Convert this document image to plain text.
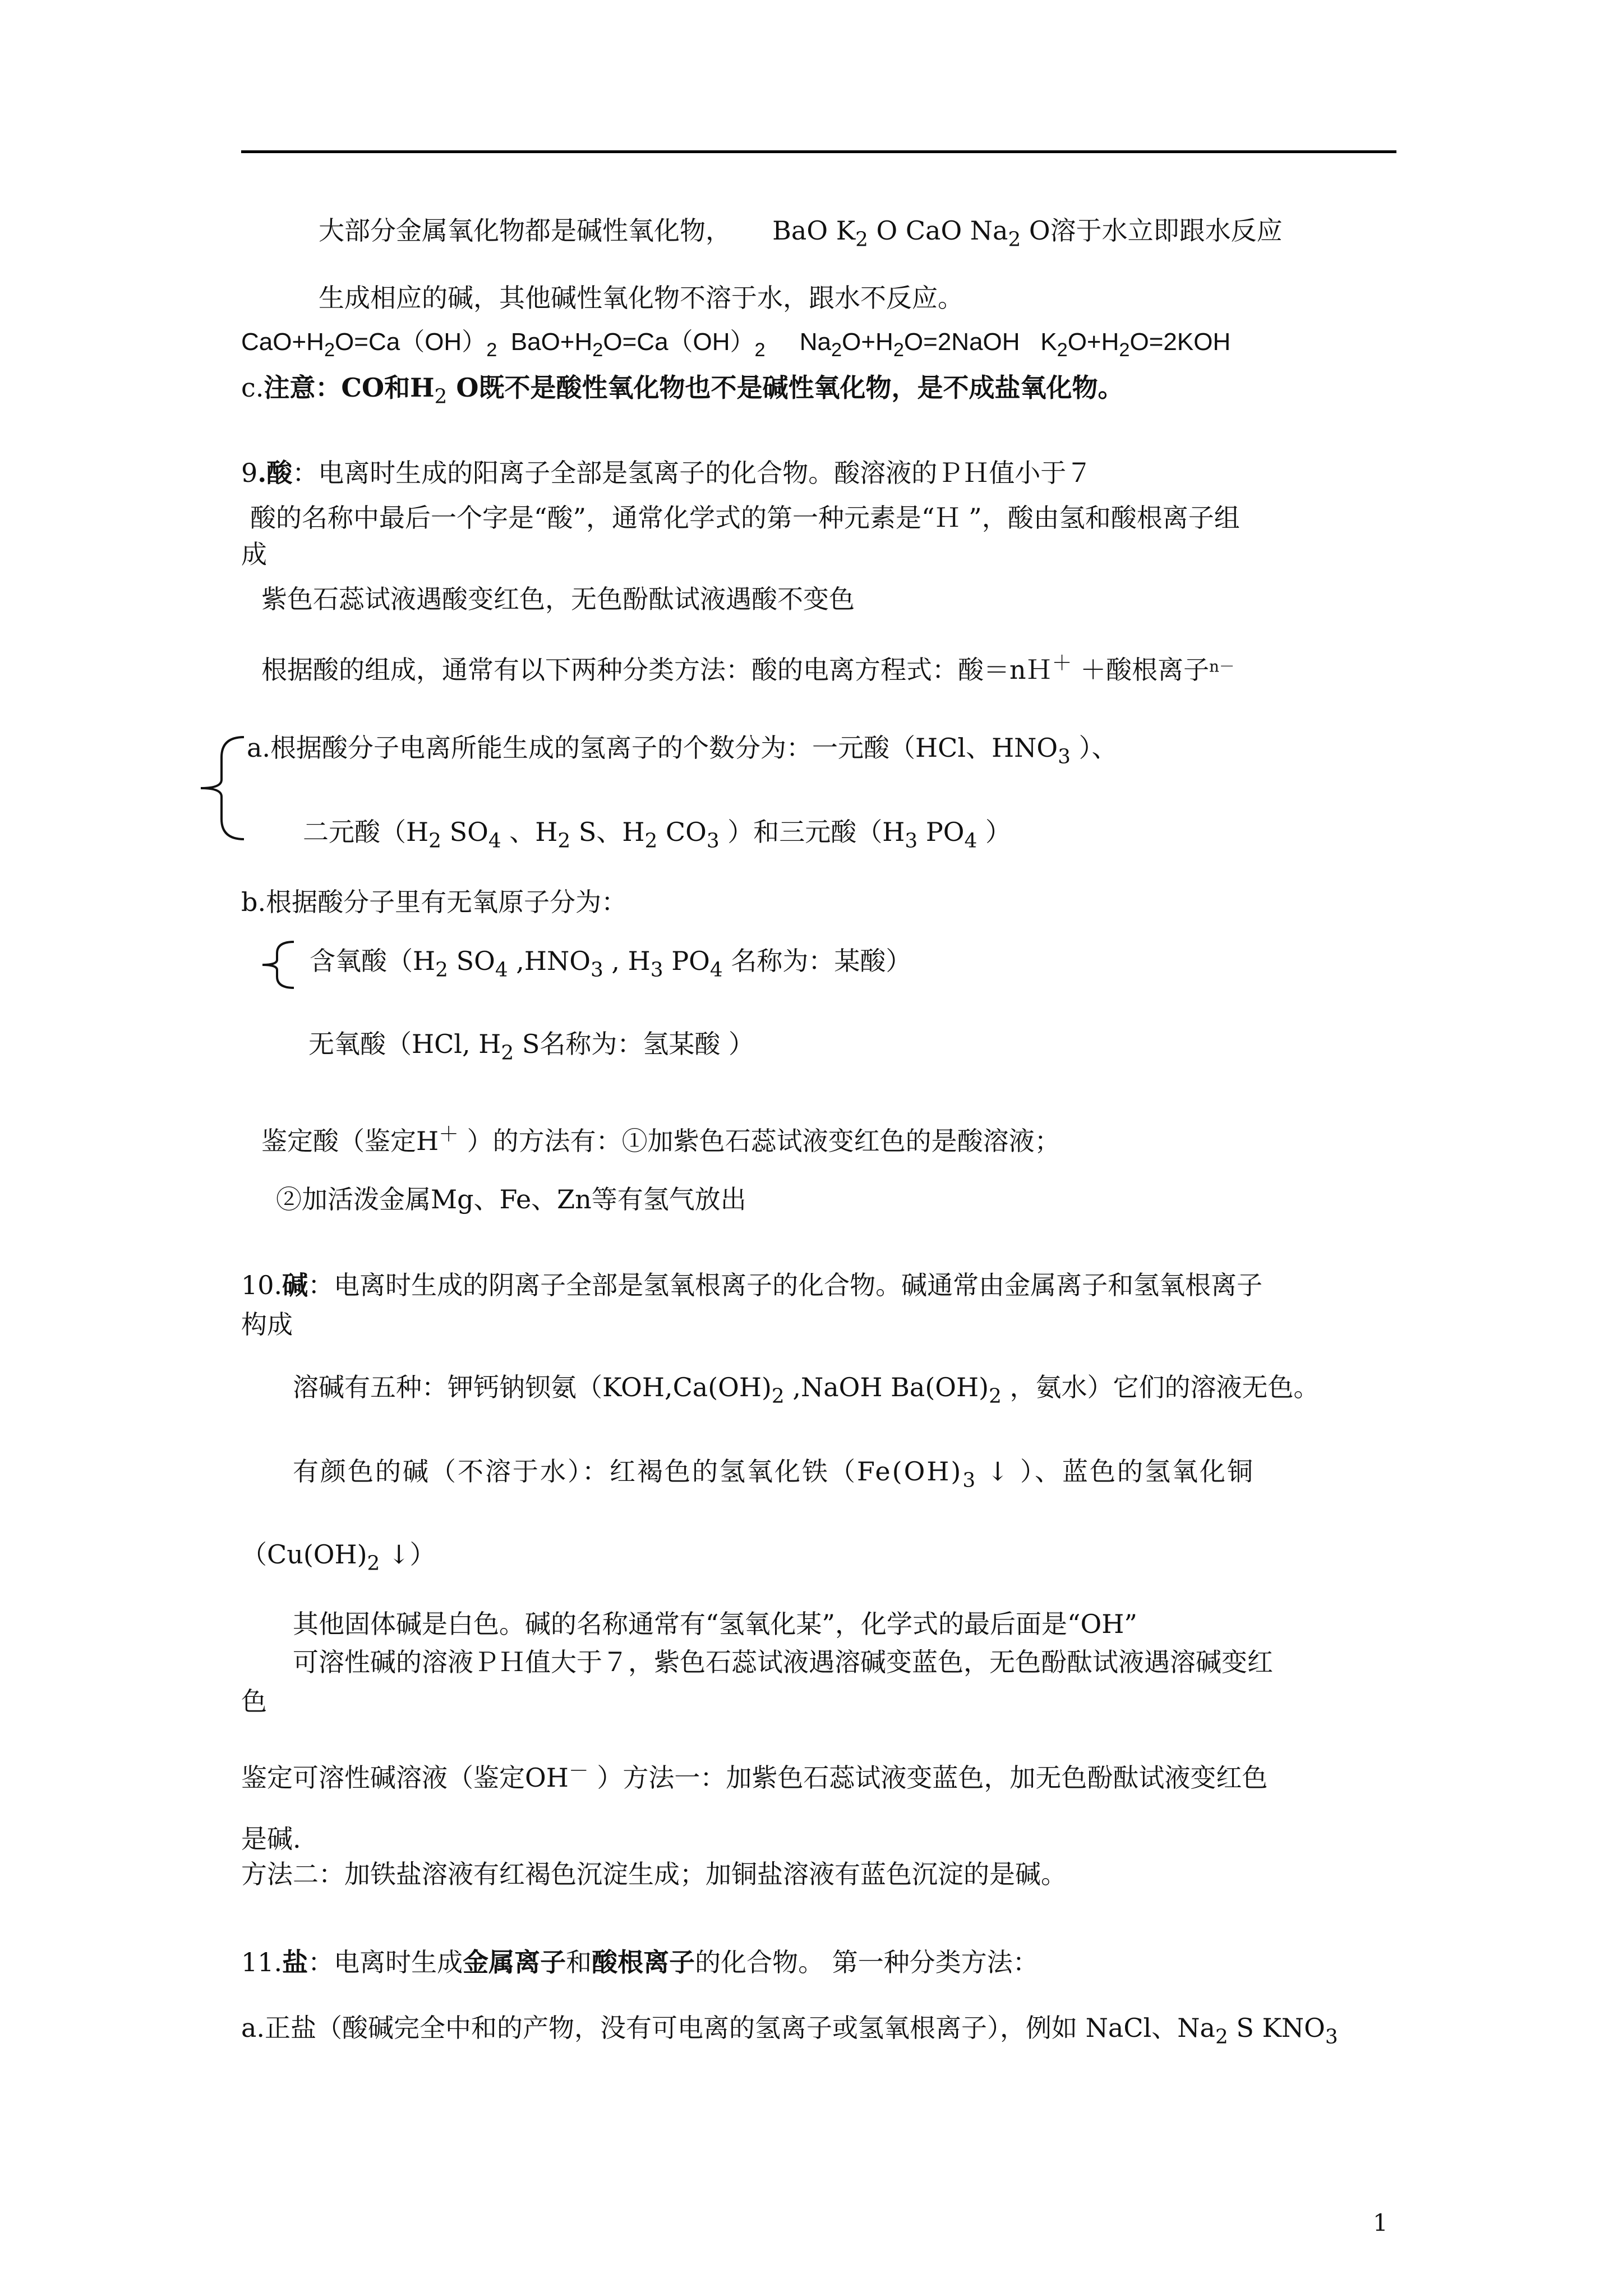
大部分金属氧化物都是碱性氧化物， BaO $K_2$ O CaO $Na_2$ O溶于水立即跟水反应
生成相应的碱，其他碱性氧化物不溶于水，跟水不反应。
$CaO+H_2O=Ca(OH)_2$ $BaO+H_2O=Ca(OH)_2$ $Na_2O+H_2O=2NaOH$ $K_2O+H_2O=2KOH$
c.注意：CO和$H_2$ O既不是酸性氧化物也不是碱性氧化物，是不成盐氧化物。
9.酸：电离时生成的阳离子全部是氢离子的化合物。酸溶液的ＰＨ值小于７
酸的名称中最后一个字是“酸”，通常化学式的第一种元素是“Ｈ ”，酸由氢和酸根离子组
成
紫色石蕊试液遇酸变红色，无色酚酞试液遇酸不变色
根据酸的组成，通常有以下两种分类方法：酸的电离方程式：酸＝nＨ＋ ＋酸根离子$^{n-}$
a.根据酸分子电离所能生成的氢离子的个数分为：一元酸（HCl、$HNO_3$ ）、
二元酸（$H_2$ $SO_4$ 、$H_2$ S、$H_2$ $CO_3$ ）和三元酸（$H_3$ $PO_4$ ）
b.根据酸分子里有无氧原子分为：
含氧酸（$H_2$ $SO_4$ $,HNO_3$ , $H_3$ $PO_4$ 名称为：某酸）
无氧酸（HCl, $H_2$ S名称为：氢某酸 ）
鉴定酸（鉴定H＋ ）的方法有：①加紫色石蕊试液变红色的是酸溶液；
②加活泼金属Mg、Fe、Zn等有氢气放出
10.碱：电离时生成的阴离子全部是氢氧根离子的化合物。碱通常由金属离子和氢氧根离子
构成
溶碱有五种：钾钙钠钡氨（$KOH,Ca(OH)_2$ ,NaOH $Ba(OH)_2$ ，氨水）它们的溶液无色。
有颜色的碱（不溶于水）：红褐色的氢氧化铁（$Fe(OH)_3$ ↓ ）、蓝色的氢氧化铜
（$Cu(OH)_2$ ↓）
其他固体碱是白色。碱的名称通常有“氢氧化某”，化学式的最后面是“OH”
可溶性碱的溶液ＰＨ值大于７，紫色石蕊试液遇溶碱变蓝色，无色酚酞试液遇溶碱变红
色
鉴定可溶性碱溶液（鉴定OH－ ）方法一：加紫色石蕊试液变蓝色，加无色酚酞试液变红色
是碱.
方法二：加铁盐溶液有红褐色沉淀生成；加铜盐溶液有蓝色沉淀的是碱。
11.盐：电离时生成金属离子和酸根离子的化合物。 第一种分类方法：
a.正盐（酸碱完全中和的产物，没有可电离的氢离子或氢氧根离子），例如 NaCl、$Na_2$ S $KNO_3$
1
